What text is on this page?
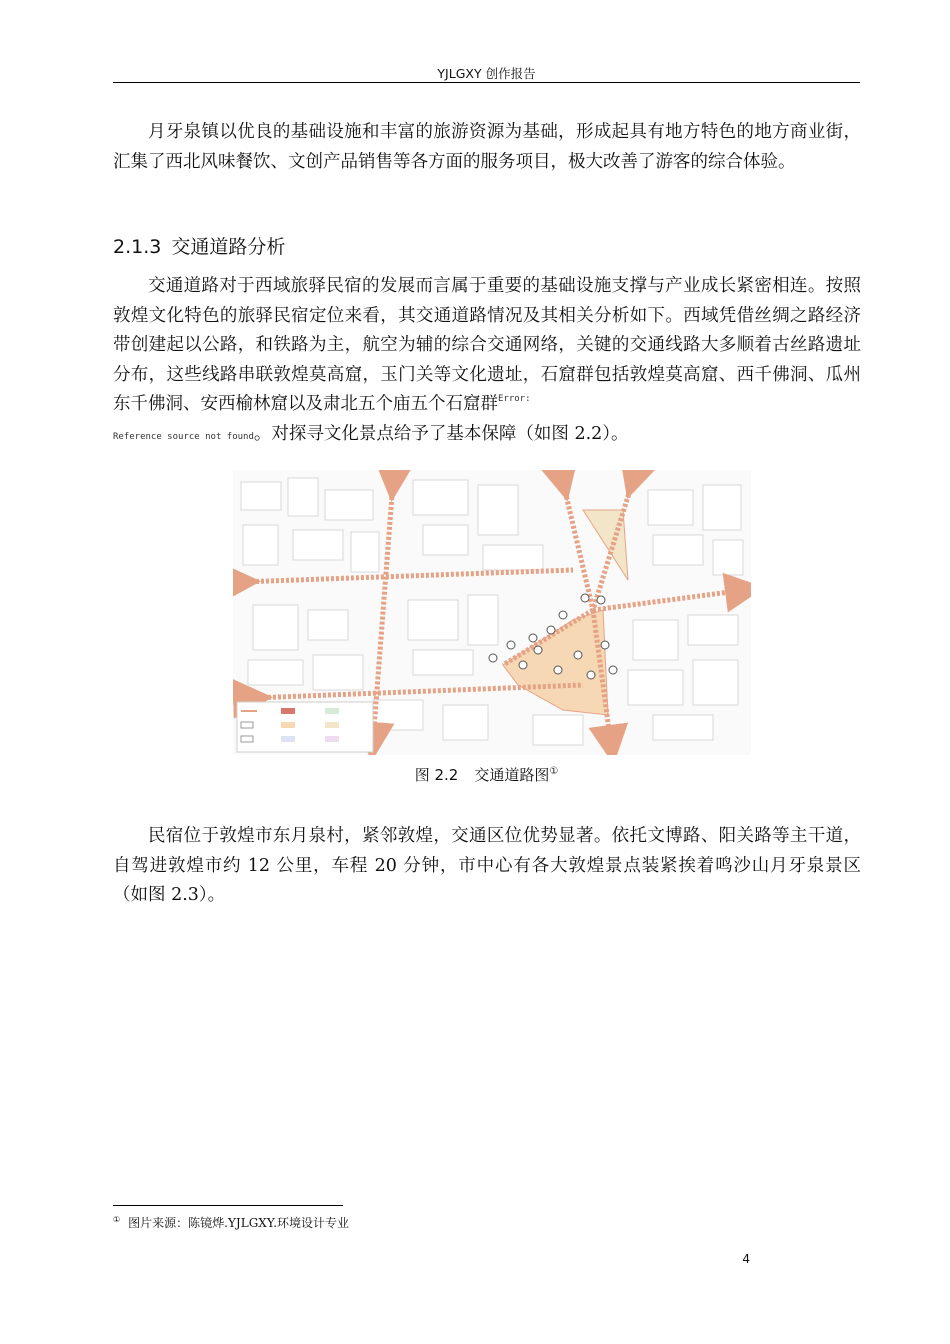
YJLGXY 创作报告

月牙泉镇以优良的基础设施和丰富的旅游资源为基础，形成起具有地方特色的地方商业街，汇集了西北风味餐饮、文创产品销售等各方面的服务项目，极大改善了游客的综合体验。

2.1.3 交通道路分析

交通道路对于西域旅驿民宿的发展而言属于重要的基础设施支撑与产业成长紧密相连。按照敦煌文化特色的旅驿民宿定位来看，其交通道路情况及其相关分析如下。西域凭借丝绸之路经济带创建起以公路，和铁路为主，航空为辅的综合交通网络，关键的交通线路大多顺着古丝路遗址分布，这些线路串联敦煌莫高窟，玉门关等文化遗址，石窟群包括敦煌莫高窟、西千佛洞、瓜州东千佛洞、安西榆林窟以及肃北五个庙五个石窟群$^{Error:}$
Reference source not found。对探寻文化景点给予了基本保障（如图 2.2）。

图 2.2 交通道路图①

民宿位于敦煌市东月泉村，紧邻敦煌，交通区位优势显著。依托文博路、阳关路等主干道，自驾进敦煌市约 12 公里，车程 20 分钟，市中心有各大敦煌景点装紧挨着鸣沙山月牙泉景区（如图 2.3）。

① 图片来源：陈镜烨.YJLGXY.环境设计专业
4
